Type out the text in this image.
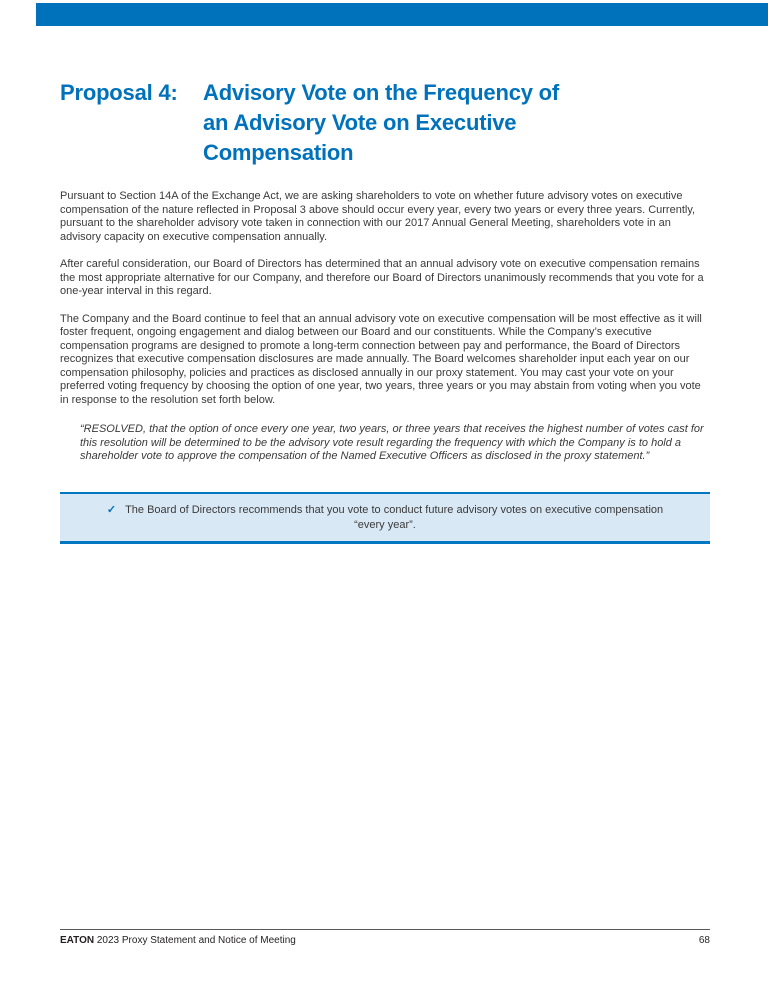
Proposal 4:	Advisory Vote on the Frequency of
an Advisory Vote on Executive
Compensation

Pursuant to Section 14A of the Exchange Act, we are asking shareholders to vote on whether future advisory votes on executive compensation of the nature reflected in Proposal 3 above should occur every year, every two years or every three years. Currently, pursuant to the shareholder advisory vote taken in connection with our 2017 Annual General Meeting, shareholders vote in an advisory capacity on executive compensation annually.

After careful consideration, our Board of Directors has determined that an annual advisory vote on executive compensation remains the most appropriate alternative for our Company, and therefore our Board of Directors unanimously recommends that you vote for a one-year interval in this regard.

The Company and the Board continue to feel that an annual advisory vote on executive compensation will be most effective as it will foster frequent, ongoing engagement and dialog between our Board and our constituents. While the Company’s executive compensation programs are designed to promote a long-term connection between pay and performance, the Board of Directors recognizes that executive compensation disclosures are made annually. The Board welcomes shareholder input each year on our compensation philosophy, policies and practices as disclosed annually in our proxy statement. You may cast your vote on your preferred voting frequency by choosing the option of one year, two years, three years or you may abstain from voting when you vote in response to the resolution set forth below.

“RESOLVED, that the option of once every one year, two years, or three years that receives the highest number of votes cast for this resolution will be determined to be the advisory vote result regarding the frequency with which the Company is to hold a shareholder vote to approve the compensation of the Named Executive Officers as disclosed in the proxy statement.”

✓ The Board of Directors recommends that you vote to conduct future advisory votes on executive compensation
“every year”.
EATON 2023 Proxy Statement and Notice of Meeting	68
